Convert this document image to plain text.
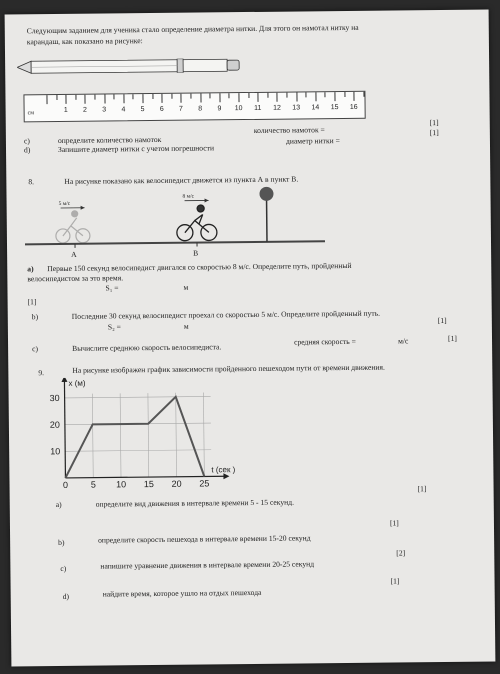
Следующим заданием для ученика стало определение диаметра нитки. Для этого он намотал нитку на
карандаш, как показано на рисунке:
см	1 2 3 4 5 6 7 8 9 10 11 12 13 14 15 16
c)	определите количество намоток
количество намоток =
[1]
d)	Запишите диаметр нитки с учетом погрешности
диаметр нитки =
[1]
8.	На рисунке показано как велосипедист движется из пункта А в пункт В.
5 м/с
8 м/с
A	B
а) Первые 150 секунд велосипедист двигался со скоростью 8 м/с. Определите путь, пройденный
велосипедистом за это время.
S₁ =	м
[1]
b)	Последние 30 секунд велосипедист проехал со скоростью 5 м/с. Определите пройденный путь.	[1]
S₂ =	м
с)	Вычислите среднюю скорость велосипедиста.
средняя скорость =	м/с	[1]
9.	На рисунке изображен график зависимости пройденного пешеходом пути от времени движения.
10
20
30
0	5 10 15 20 25
x (м)
t (сек )
а)	определите вид движения в интервале времени 5 - 15 секунд.
[1]
b)	определите скорость пешехода в интервале времени 15-20 секунд
[1]
с)	напишите уравнение движения в интервале времени 20-25 секунд
[2]
d)	найдите время, которое ушло на отдых пешехода
[1]
